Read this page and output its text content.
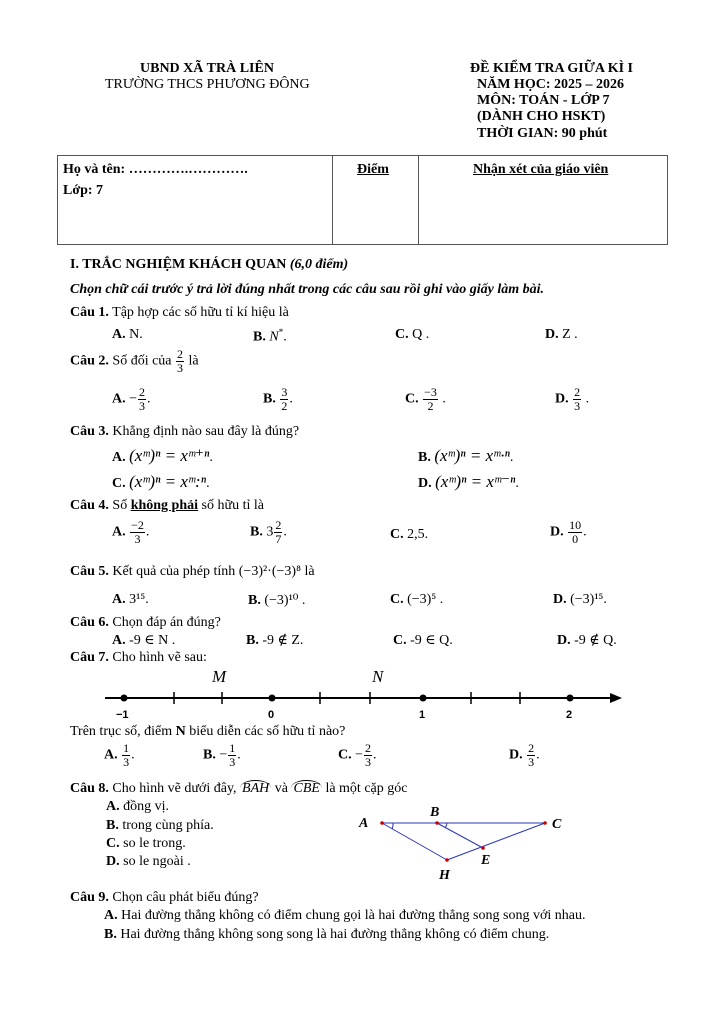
UBND XÃ TRÀ LIÊN
TRƯỜNG THCS PHƯƠNG ĐÔNG
ĐỀ KIỂM TRA GIỮA KÌ I
NĂM HỌC: 2025 – 2026
MÔN: TOÁN - LỚP 7
(DÀNH CHO HSKT)
THỜI GIAN: 90 phút
Họ và tên: ………….………….
Lớp: 7
Điểm	Nhận xét của giáo viên
I. TRẮC NGHIỆM KHÁCH QUAN (6,0 điểm)
Chọn chữ cái trước ý trả lời đúng nhất trong các câu sau rồi ghi vào giấy làm bài.
Câu 1. Tập hợp các số hữu tỉ kí hiệu là
A. N.	B. N*.	C. Q .	D. Z .
Câu 2. Số đối của $\frac{2}{3}$ là
A. − $\frac{2}{3}$ .	B. $\frac{3}{2}$ .	C. $\frac{-3}{2}$ .	D. $\frac{2}{3}$ .
Câu 3. Khẳng định nào sau đây là đúng?
A. (xᵐ)ⁿ = xᵐ⁺ⁿ.	B. (xᵐ)ⁿ = xᵐ·ⁿ.
C. (xᵐ)ⁿ = xᵐ:ⁿ.	D. (xᵐ)ⁿ = xᵐ⁻ⁿ.
Câu 4. Số không phải số hữu tỉ là
A. $\frac{-2}{3}$ .	B. $3 \frac{2}{7}$ .	C. 2,5.	D. $\frac{10}{0}$ .
Câu 5. Kết quả của phép tính (−3)²·(−3)⁸ là
A. 3¹⁵.	B. (−3)¹⁰ .	C. (−3)⁵ .	D. (−3)¹⁵.
Câu 6. Chọn đáp án đúng?
A. -9 ∈ N .	B. -9 ∉ Z.	C. -9 ∈ Q.	D. -9 ∉ Q.
Câu 7. Cho hình vẽ sau:
M	N
−1	0	1	2
Trên trục số, điểm N biểu diễn các số hữu tỉ nào?
A. $\frac{1}{3}$ .	B. − $\frac{1}{3}$ .	C. − $\frac{2}{3}$ .	D. $\frac{2}{3}$ .
Câu 8. Cho hình vẽ dưới đây, BAH và CBE là một cặp góc
A. đồng vị.
B. trong cùng phía.
C. so le trong.
D. so le ngoài .
A
B
C
E
H
Câu 9. Chọn câu phát biểu đúng?
A. Hai đường thẳng không có điểm chung gọi là hai đường thẳng song song với nhau.
B. Hai đường thẳng không song song là hai đường thẳng không có điểm chung.
